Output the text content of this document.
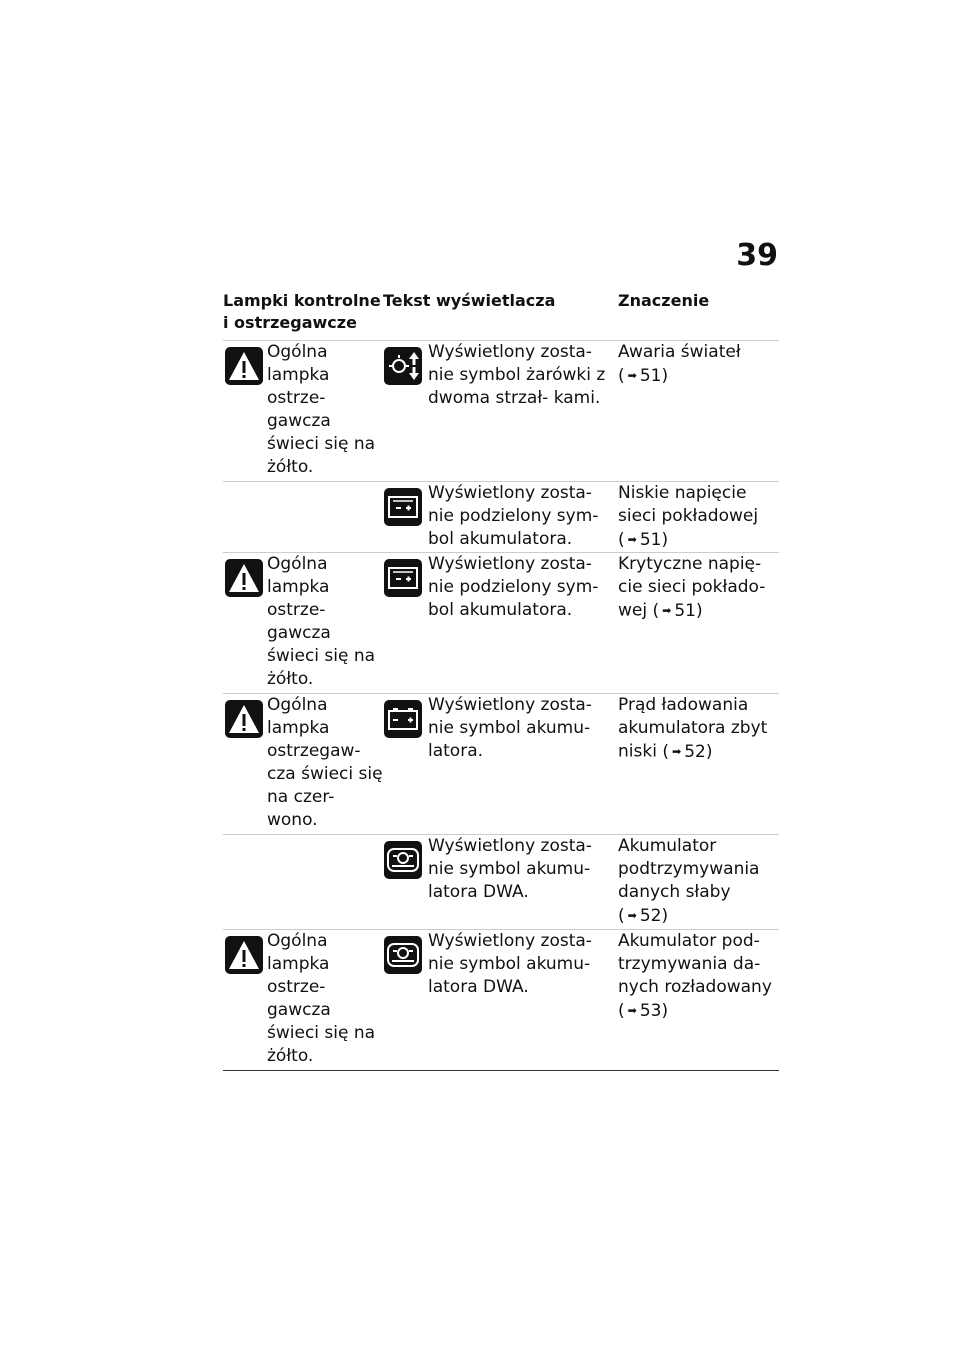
39
Lampki kontrolne
i ostrzegawcze
Tekst wyświetlacza	Znaczenie
Ogólna lampka ostrze- gawcza świeci się na żółto.
Wyświetlony zosta- nie symbol żarówki z dwoma strzał- kami.
Awaria świateł
( ➡ 51)
Wyświetlony zosta- nie podzielony sym- bol akumulatora.
Niskie napięcie sieci pokładowej
( ➡ 51)
Ogólna lampka ostrze- gawcza świeci się na żółto.
Wyświetlony zosta- nie podzielony sym- bol akumulatora.
Krytyczne napię- cie sieci pokłado- wej ( ➡ 51)
Ogólna lampka ostrzegaw- cza świeci się na czer- wono.
Wyświetlony zosta- nie symbol akumu- latora.
Prąd ładowania akumulatora zbyt niski ( ➡ 52)
Wyświetlony zosta- nie symbol akumu- latora DWA.
Akumulator podtrzymywania danych słaby
( ➡ 52)
Ogólna lampka ostrze- gawcza świeci się na żółto.
Wyświetlony zosta- nie symbol akumu- latora DWA.
Akumulator pod- trzymywania da- nych rozładowany
( ➡ 53)
